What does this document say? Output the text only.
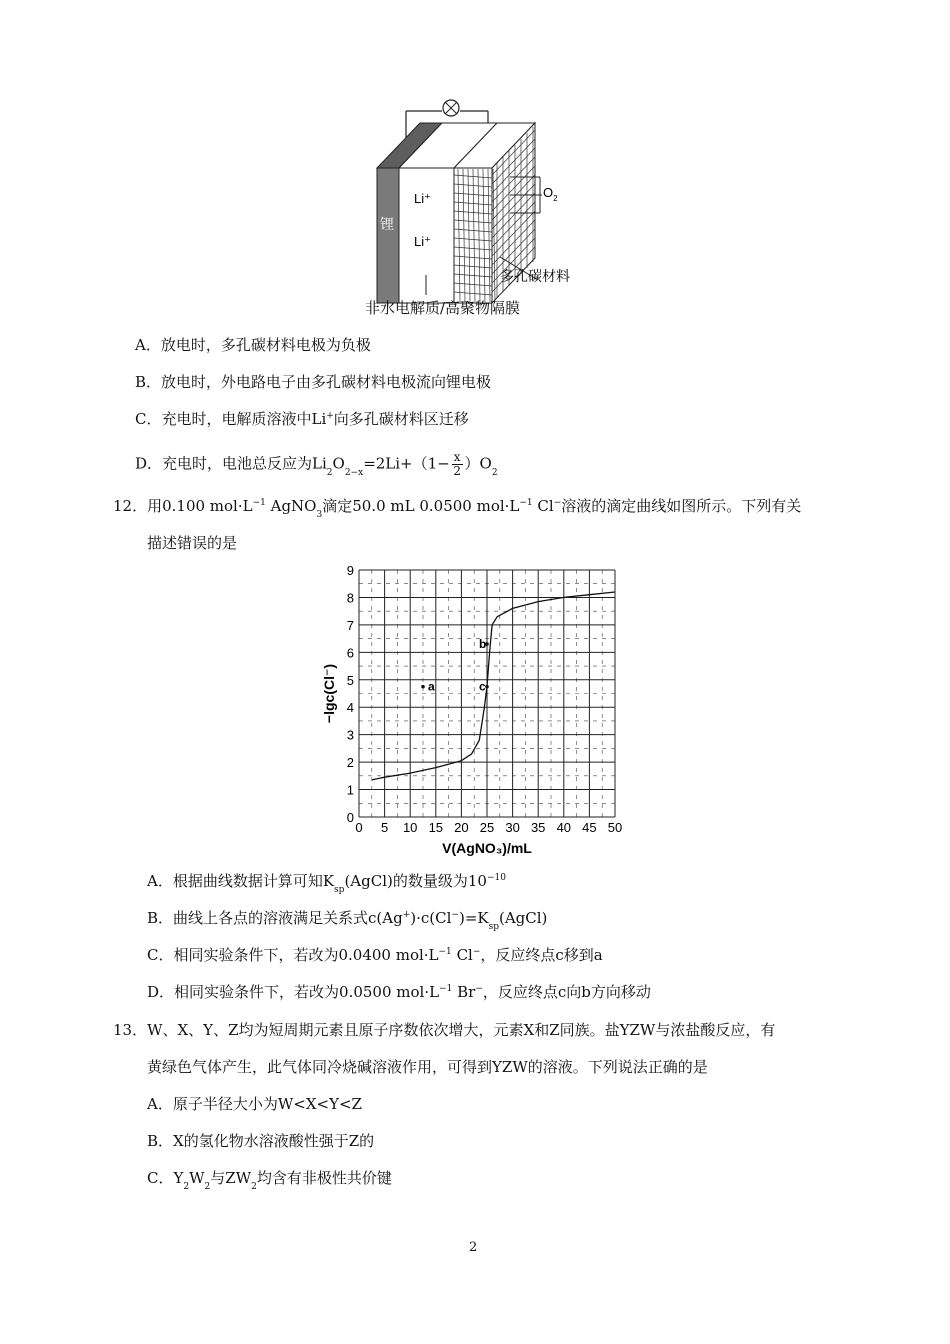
Li⁺
Li⁺
锂
$O_2$
多孔碳材料
非水电解质/高聚物隔膜
A．放电时，多孔碳材料电极为负极
B．放电时，外电路电子由多孔碳材料电极流向锂电极
C．充电时，电解质溶液中Li+向多孔碳材料区迁移
D．充电时，电池总反应为$Li_2O_{2-x}=2Li+(1- \frac{x}{2} )O_2$
12．用0.100 $mol\cdot L^{-1}$ AgNO$_3$滴定50.0 mL 0.0500 $mol\cdot L^{-1}$ Cl−溶液的滴定曲线如图所示。下列有关
描述错误的是
0 5 10 15 20 25 30 35 40 45 50
0
1
2
3
4
5
6
7
8
9
a
b
c
V(AgNO₃)/mL
−lgc(Cl⁻)
A．根据曲线数据计算可知$K_{sp}(AgCl)$的数量级为$10^{-10}$
B．曲线上各点的溶液满足关系式$c(Ag^+)\cdot c(Cl^-)=K_{sp}(AgCl)$
C．相同实验条件下，若改为0.0400 $mol\cdot L^{-1}$ Cl−，反应终点c移到a
D．相同实验条件下，若改为0.0500 $mol\cdot L^{-1}$ Br−，反应终点c向b方向移动
13．W、X、Y、Z均为短周期元素且原子序数依次增大，元素X和Z同族。盐YZW与浓盐酸反应，有
黄绿色气体产生，此气体同冷烧碱溶液作用，可得到YZW的溶液。下列说法正确的是
A．原子半径大小为W<X<Y<Z
B．X的氢化物水溶液酸性强于Z的
C．$Y_2W_2$与$ZW_2$均含有非极性共价键
2
